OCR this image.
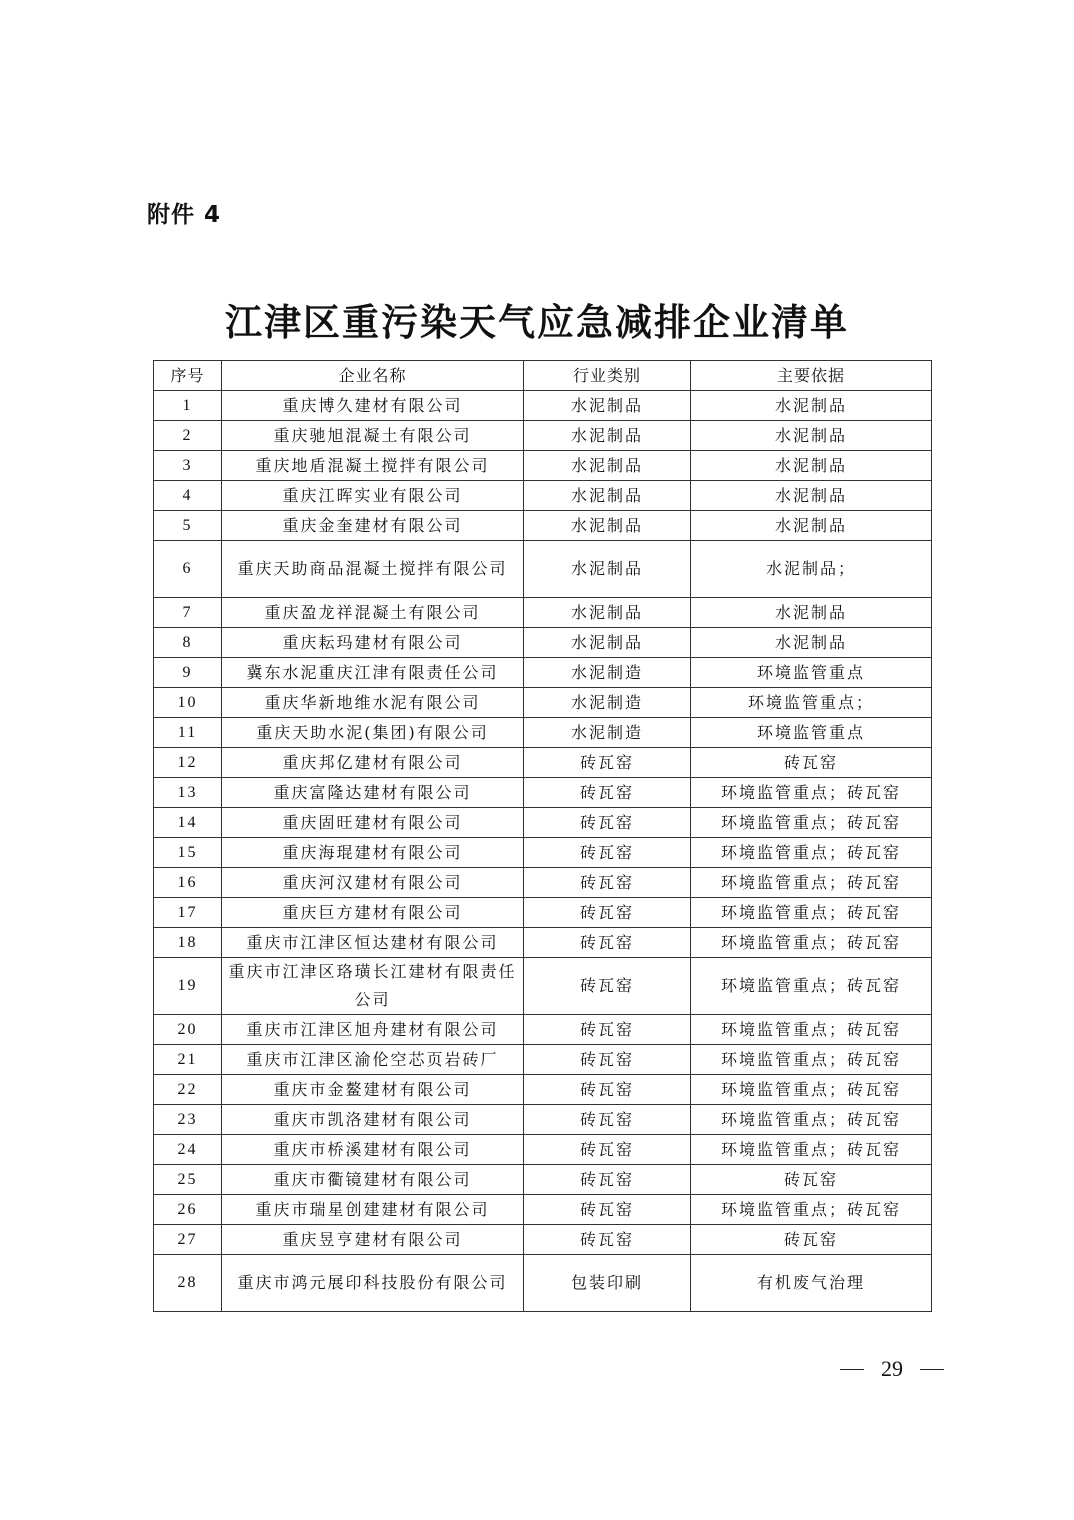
附件 4
江津区重污染天气应急减排企业清单
序号	企业名称	行业类别	主要依据
1	重庆博久建材有限公司	水泥制品	水泥制品
2	重庆驰旭混凝土有限公司	水泥制品	水泥制品
3	重庆地盾混凝土搅拌有限公司	水泥制品	水泥制品
4	重庆江晖实业有限公司	水泥制品	水泥制品
5	重庆金奎建材有限公司	水泥制品	水泥制品
6	重庆天助商品混凝土搅拌有限公司	水泥制品	水泥制品；
7	重庆盈龙祥混凝土有限公司	水泥制品	水泥制品
8	重庆耘玛建材有限公司	水泥制品	水泥制品
9	冀东水泥重庆江津有限责任公司	水泥制造	环境监管重点
10	重庆华新地维水泥有限公司	水泥制造	环境监管重点；
11	重庆天助水泥(集团)有限公司	水泥制造	环境监管重点
12	重庆邦亿建材有限公司	砖瓦窑	砖瓦窑
13	重庆富隆达建材有限公司	砖瓦窑	环境监管重点；砖瓦窑
14	重庆固旺建材有限公司	砖瓦窑	环境监管重点；砖瓦窑
15	重庆海琨建材有限公司	砖瓦窑	环境监管重点；砖瓦窑
16	重庆河汉建材有限公司	砖瓦窑	环境监管重点；砖瓦窑
17	重庆巨方建材有限公司	砖瓦窑	环境监管重点；砖瓦窑
18	重庆市江津区恒达建材有限公司	砖瓦窑	环境监管重点；砖瓦窑
19	重庆市江津区珞璜长江建材有限责任公司	砖瓦窑	环境监管重点；砖瓦窑
20	重庆市江津区旭舟建材有限公司	砖瓦窑	环境监管重点；砖瓦窑
21	重庆市江津区渝伦空芯页岩砖厂	砖瓦窑	环境监管重点；砖瓦窑
22	重庆市金鳌建材有限公司	砖瓦窑	环境监管重点；砖瓦窑
23	重庆市凯洛建材有限公司	砖瓦窑	环境监管重点；砖瓦窑
24	重庆市桥溪建材有限公司	砖瓦窑	环境监管重点；砖瓦窑
25	重庆市衢镜建材有限公司	砖瓦窑	砖瓦窑
26	重庆市瑞星创建建材有限公司	砖瓦窑	环境监管重点；砖瓦窑
27	重庆昱亨建材有限公司	砖瓦窑	砖瓦窑
28	重庆市鸿元展印科技股份有限公司	包装印刷	有机废气治理
29
